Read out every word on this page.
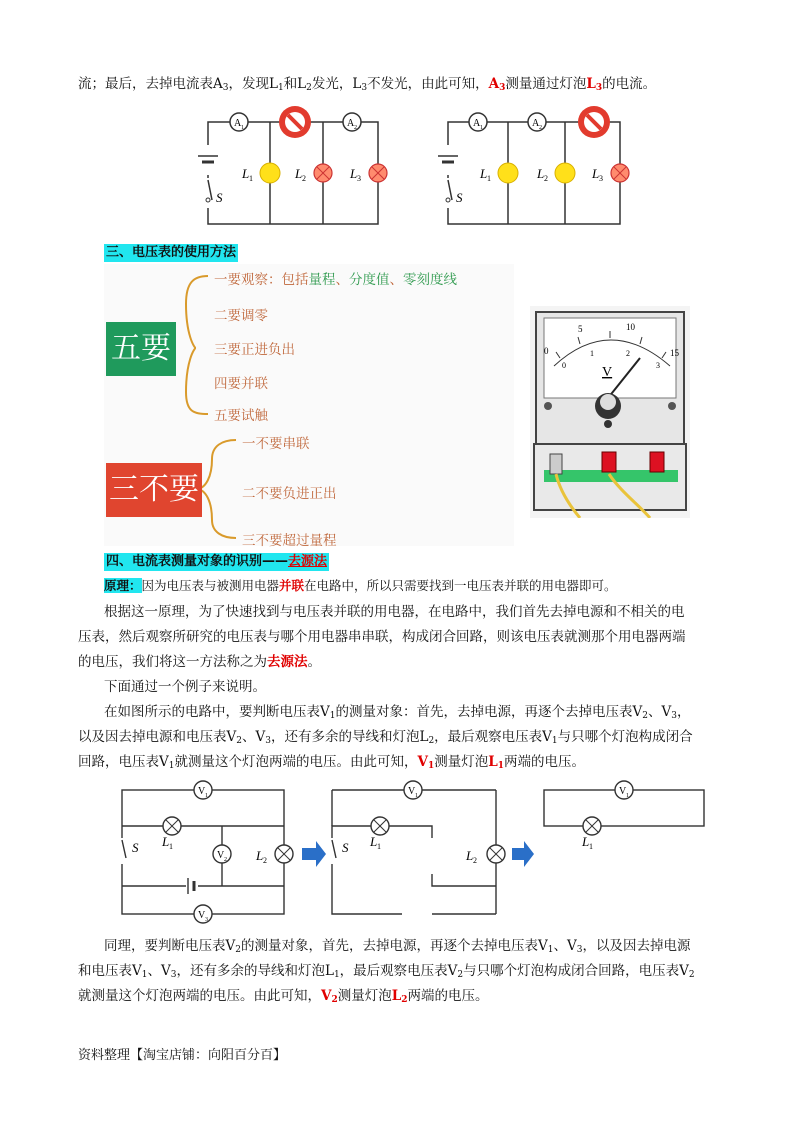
流；最后，去掉电流表$A_3$，发现$L_1$和$L_2$发光，$L_3$不发光，由此可知，$A_3$测量通过灯泡$L_3$的电流。
A 1	A 2
L 1	L 2	L 3
S
A 1	A 2
L 1	L 2	L 3
S
三、电压表的使用方法
五要
三不要
一要观察：包括量程、分度值、零刻度线
二要调零
三要正进负出
四要并联
五要试触
一不要串联
二不要负进正出
三不要超过量程
0
5	10
15
0
1	2
3
V
四、电流表测量对象的识别——去源法
原理：因为电压表与被测用电器并联在电路中，所以只需要找到一电压表并联的用电器即可。
根据这一原理，为了快速找到与电压表并联的用电器，在电路中，我们首先去掉电源和不相关的电
压表，然后观察所研究的电压表与哪个用电器串串联，构成闭合回路，则该电压表就测那个用电器两端
的电压，我们将这一方法称之为去源法。
下面通过一个例子来说明。
在如图所示的电路中，要判断电压表$V_1$的测量对象：首先，去掉电源，再逐个去掉电压表$V_2$、$V_3$，
以及因去掉电源和电压表$V_2$、$V_3$，还有多余的导线和灯泡$L_2$，最后观察电压表$V_1$与只哪个灯泡构成闭合
回路，电压表$V_1$就测量这个灯泡两端的电压。由此可知，$V_1$测量灯泡$L_1$两端的电压。
V 1
V 2
V 3
L 1
L 2
S
V 1
L 1
L 2
S
V 1
L 1
同理，要判断电压表$V_2$的测量对象，首先，去掉电源，再逐个去掉电压表$V_1$、$V_3$，以及因去掉电源
和电压表$V_1$、$V_3$，还有多余的导线和灯泡$L_1$，最后观察电压表$V_2$与只哪个灯泡构成闭合回路，电压表$V_2$
就测量这个灯泡两端的电压。由此可知，$V_2$测量灯泡$L_2$两端的电压。
资料整理【淘宝店铺：向阳百分百】
